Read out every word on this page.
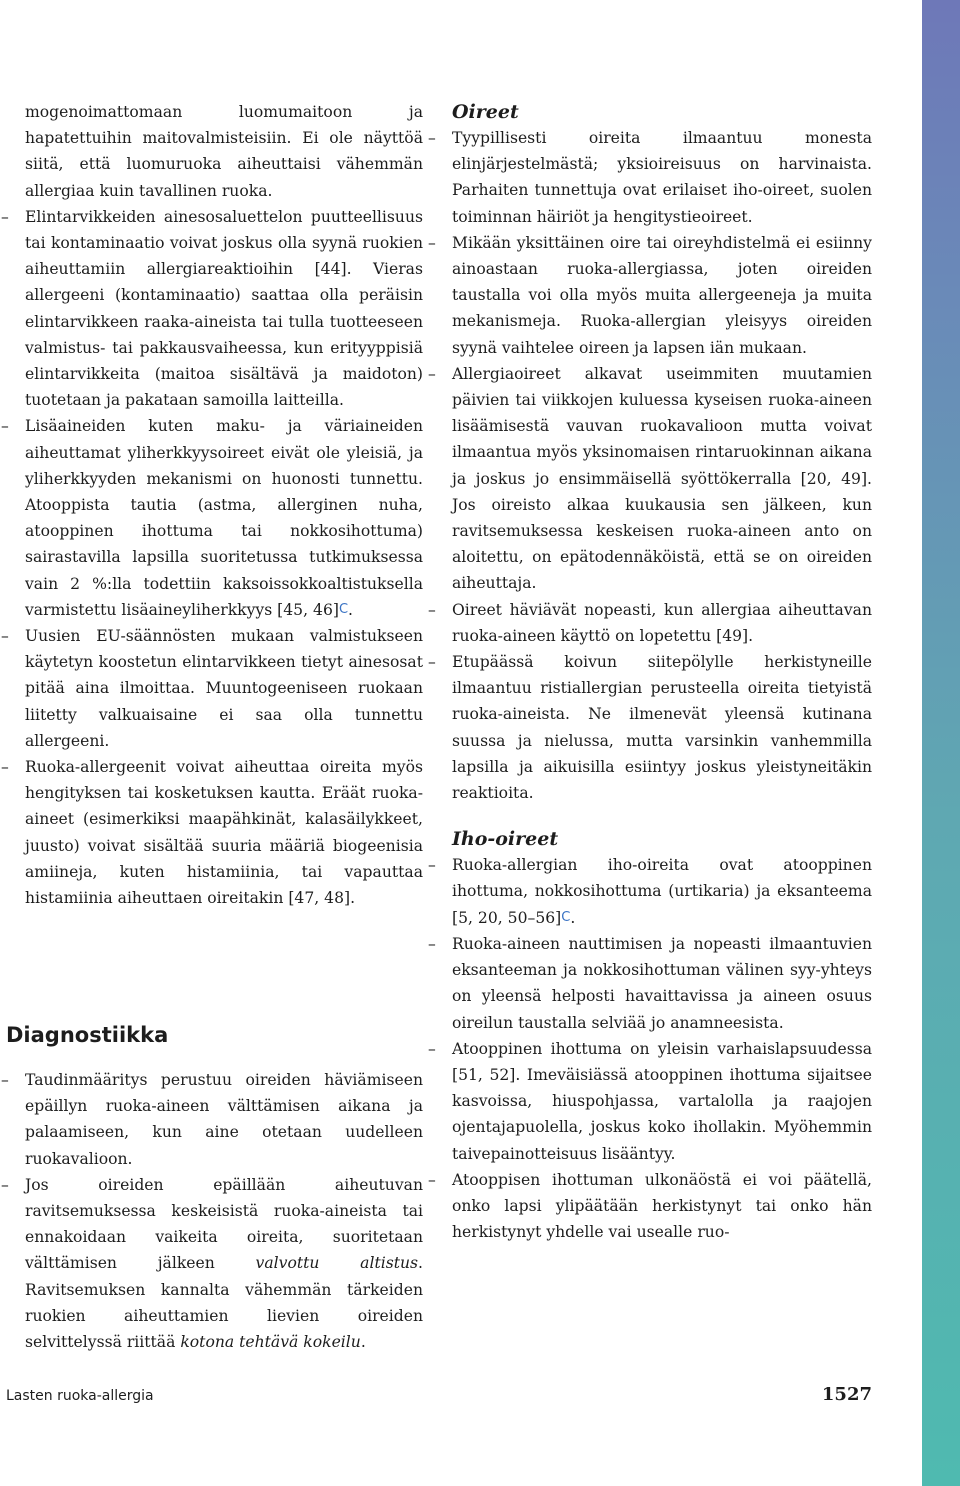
mogenoimattomaan luomumaitoon ja hapatettuihin maitovalmisteisiin. Ei ole näyttöä siitä, että luomuruoka aiheuttaisi vähemmän allergiaa kuin tavallinen ruoka.

– Elintarvikkeiden ainesosaluettelon puutteellisuus tai kontaminaatio voivat joskus olla syynä ruokien aiheuttamiin allergiareaktioihin [44]. Vieras allergeeni (kontaminaatio) saattaa olla peräisin elintarvikkeen raaka-aineista tai tulla tuotteeseen valmistus- tai pakkausvaiheessa, kun erityyppisiä elintarvikkeita (maitoa sisältävä ja maidoton) tuotetaan ja pakataan samoilla laitteilla.
– Lisäaineiden kuten maku- ja väriaineiden aiheuttamat yliherkkyysoireet eivät ole yleisiä, ja yliherkkyyden mekanismi on huonosti tunnettu. Atooppista tautia (astma, allerginen nuha, atooppinen ihottuma tai nokkosihottuma) sairastavilla lapsilla suoritetussa tutkimuksessa vain 2 %:lla todettiin kaksoissokkoaltistuksella varmistettu lisäaineyliherkkyys [45, 46]$^C$.
– Uusien EU-säännösten mukaan valmistukseen käytetyn koostetun elintarvikkeen tietyt ainesosat pitää aina ilmoittaa. Muuntogeeniseen ruokaan liitetty valkuaisaine ei saa olla tunnettu allergeeni.
– Ruoka-allergeenit voivat aiheuttaa oireita myös hengityksen tai kosketuksen kautta. Eräät ruoka-aineet (esimerkiksi maapähkinät, kalasäilykkeet, juusto) voivat sisältää suuria määriä biogeenisia amiineja, kuten histamiinia, tai vapauttaa histamiinia aiheuttaen oireitakin [47, 48].
Diagnostiikka
– Taudinmääritys perustuu oireiden häviämiseen epäillyn ruoka-aineen välttämisen aikana ja palaamiseen, kun aine otetaan uudelleen ruokavalioon.
– Jos oireiden epäillään aiheutuvan ravitsemuksessa keskeisistä ruoka-aineista tai ennakoidaan vaikeita oireita, suoritetaan välttämisen jälkeen valvottu altistus. Ravitsemuksen kannalta vähemmän tärkeiden ruokien aiheuttamien lievien oireiden selvittelyssä riittää kotona tehtävä kokeilu.
Oireet
– Tyypillisesti oireita ilmaantuu monesta elinjärjestelmästä; yksioireisuus on harvinaista. Parhaiten tunnettuja ovat erilaiset iho-oireet, suolen toiminnan häiriöt ja hengitystieoireet.
– Mikään yksittäinen oire tai oireyhdistelmä ei esiinny ainoastaan ruoka-allergiassa, joten oireiden taustalla voi olla myös muita allergeeneja ja muita mekanismeja. Ruoka-allergian yleisyys oireiden syynä vaihtelee oireen ja lapsen iän mukaan.
– Allergiaoireet alkavat useimmiten muutamien päivien tai viikkojen kuluessa kyseisen ruoka-aineen lisäämisestä vauvan ruokavalioon mutta voivat ilmaantua myös yksinomaisen rintaruokinnan aikana ja joskus jo ensimmäisellä syöttökerralla [20, 49]. Jos oireisto alkaa kuukausia sen jälkeen, kun ravitsemuksessa keskeisen ruoka-aineen anto on aloitettu, on epätodennäköistä, että se on oireiden aiheuttaja.
– Oireet häviävät nopeasti, kun allergiaa aiheuttavan ruoka-aineen käyttö on lopetettu [49].
– Etupäässä koivun siitepölylle herkistyneille ilmaantuu ristiallergian perusteella oireita tietyistä ruoka-aineista. Ne ilmenevät yleensä kutinana suussa ja nielussa, mutta varsinkin vanhemmilla lapsilla ja aikuisilla esiintyy joskus yleistyneitäkin reaktioita.
Iho-oireet
– Ruoka-allergian iho-oireita ovat atooppinen ihottuma, nokkosihottuma (urtikaria) ja eksanteema [5, 20, 50–56]$^C$.
– Ruoka-aineen nauttimisen ja nopeasti ilmaantuvien eksanteeman ja nokkosihottuman välinen syy-yhteys on yleensä helposti havaittavissa ja aineen osuus oireilun taustalla selviää jo anamneesista.
– Atooppinen ihottuma on yleisin varhaislapsuudessa [51, 52]. Imeväisiässä atooppinen ihottuma sijaitsee kasvoissa, hiuspohjassa, vartalolla ja raajojen ojentajapuolella, joskus koko ihollakin. Myöhemmin taivepainotteisuus lisääntyy.
– Atooppisen ihottuman ulkonäöstä ei voi päätellä, onko lapsi ylipäätään herkistynyt tai onko hän herkistynyt yhdelle vai usealle ruo-
Lasten ruoka-allergia	1527
